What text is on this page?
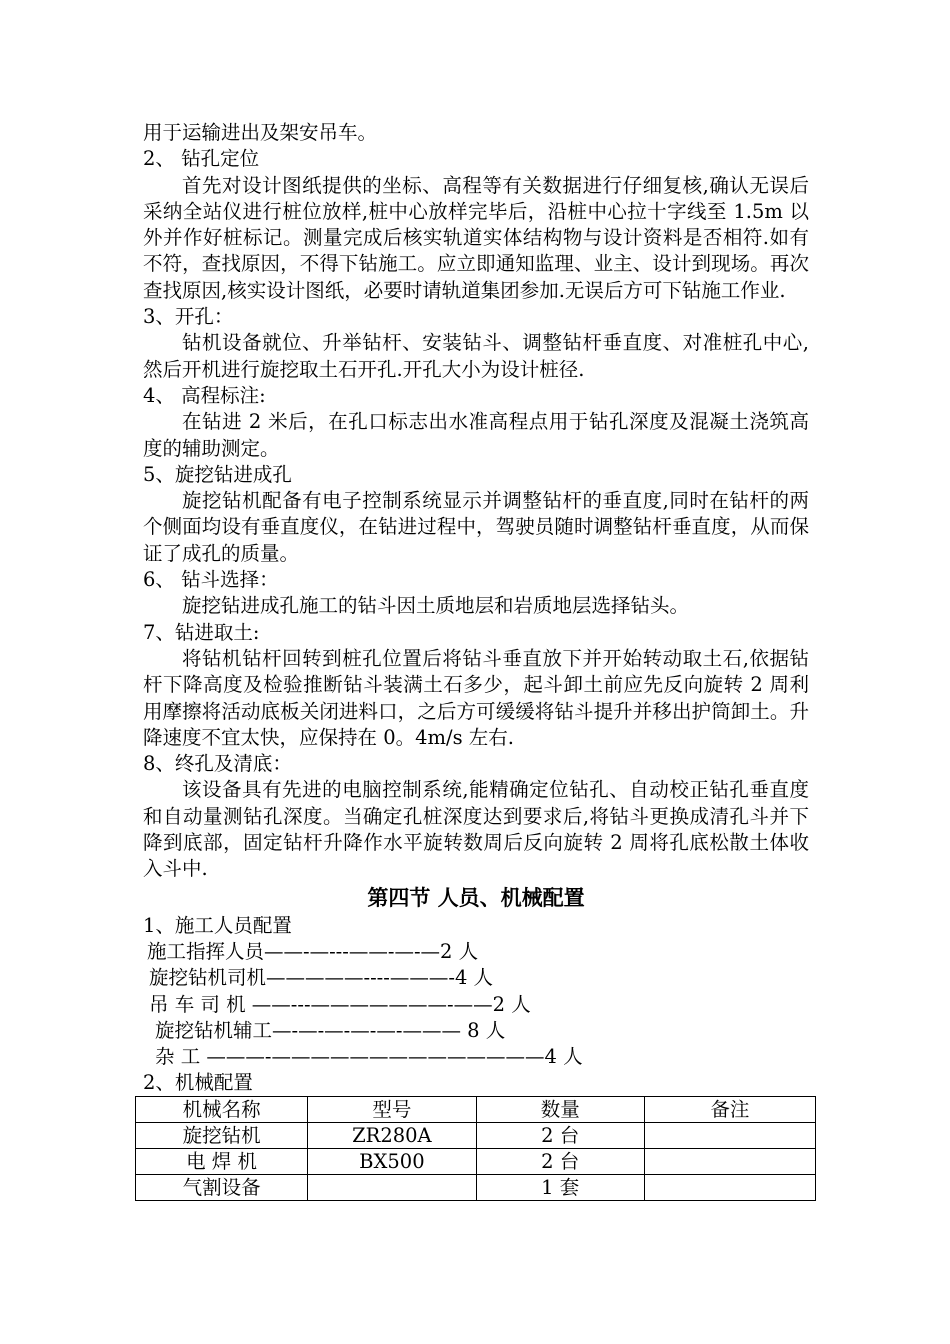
用于运输进出及架安吊车。
2、 钻孔定位
首先对设计图纸提供的坐标、高程等有关数据进行仔细复核,确认无误后采纳全站仪进行桩位放样,桩中心放样完毕后，沿桩中心拉十字线至 1.5m 以外并作好桩标记。测量完成后核实轨道实体结构物与设计资料是否相符.如有不符，查找原因，不得下钻施工。应立即通知监理、业主、设计到现场。再次查找原因,核实设计图纸，必要时请轨道集团参加.无误后方可下钻施工作业.
3、开孔：
钻机设备就位、升举钻杆、安装钻斗、调整钻杆垂直度、对准桩孔中心,然后开机进行旋挖取土石开孔.开孔大小为设计桩径.
4、 高程标注:
在钻进 2 米后，在孔口标志出水准高程点用于钻孔深度及混凝土浇筑高度的辅助测定。
5、旋挖钻进成孔
旋挖钻机配备有电子控制系统显示并调整钻杆的垂直度,同时在钻杆的两个侧面均设有垂直度仪，在钻进过程中，驾驶员随时调整钻杆垂直度，从而保证了成孔的质量。
6、 钻斗选择：
旋挖钻进成孔施工的钻斗因土质地层和岩质地层选择钻头。
7、钻进取土:
将钻机钻杆回转到桩孔位置后将钻斗垂直放下并开始转动取土石,依据钻杆下降高度及检验推断钻斗装满土石多少，起斗卸土前应先反向旋转 2 周利用摩擦将活动底板关闭进料口，之后方可缓缓将钻斗提升并移出护筒卸土。升降速度不宜太快，应保持在 0。4m/s 左右.
8、终孔及清底：
该设备具有先进的电脑控制系统,能精确定位钻孔、自动校正钻孔垂直度和自动量测钻孔深度。当确定孔桩深度达到要求后,将钻斗更换成清孔斗并下降到底部，固定钻杆升降作水平旋转数周后反向旋转 2 周将孔底松散土体收入斗中.
第四节 人员、机械配置
1、施工人员配置
施工指挥人员——-—---——-—-—2 人
旋挖钻机司机—————----———-4 人
吊 车 司 机 ——---———————-——2 人
旋挖钻机辅工—-—-—-—-—-——— 8 人
杂 工 ———-——————————————4 人
2、机械配置
机械名称	型号	数量	备注
旋挖钻机	ZR280A	2 台	
电 焊 机	BX500	2 台	
气割设备		1 套	
